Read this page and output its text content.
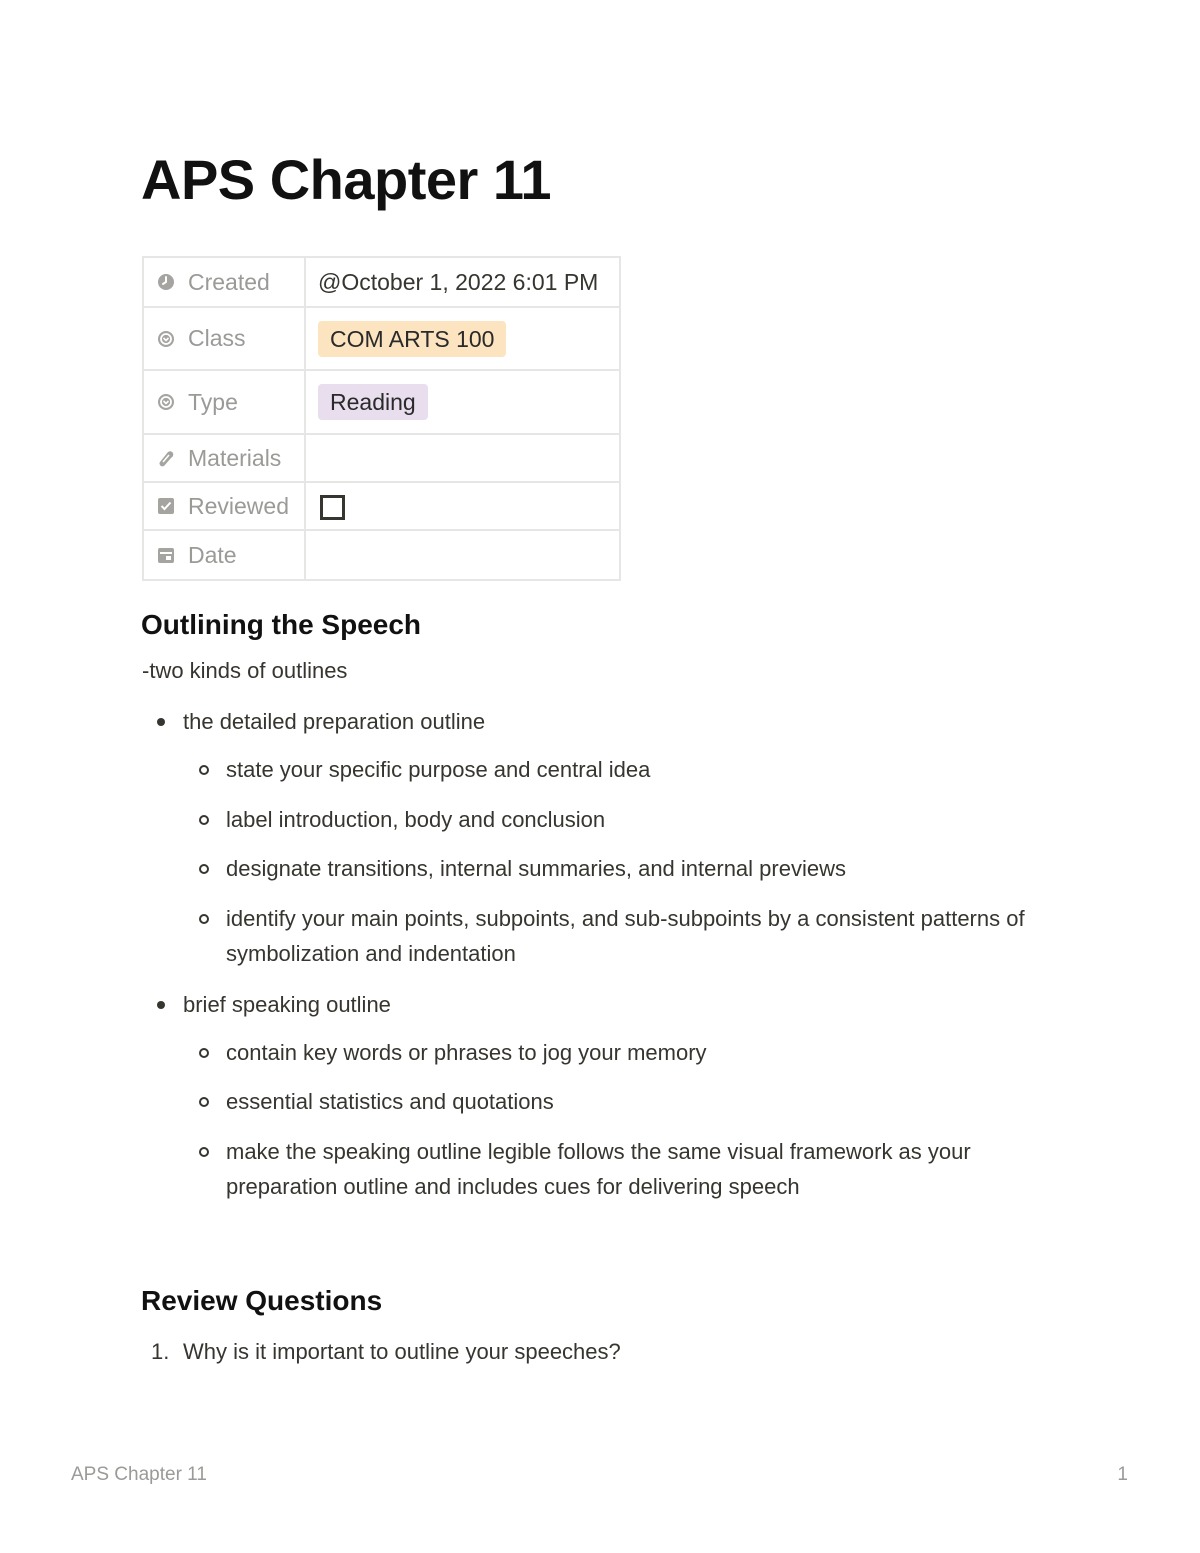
APS Chapter 11
Created	@October 1, 2022 6:01 PM

Class	COM ARTS 100

Type	Reading

Materials	

Reviewed	

Date	

Outlining the Speech

-two kinds of outlines

the detailed preparation outline
state your specific purpose and central idea
label introduction, body and conclusion
designate transitions, internal summaries, and internal previews
identify your main points, subpoints, and sub-subpoints by a consistent patterns of symbolization and indentation
brief speaking outline
contain key words or phrases to jog your memory
essential statistics and quotations
make the speaking outline legible follows the same visual framework as your preparation outline and includes cues for delivering speech
Review Questions
1. Why is it important to outline your speeches?
APS Chapter 11	1
